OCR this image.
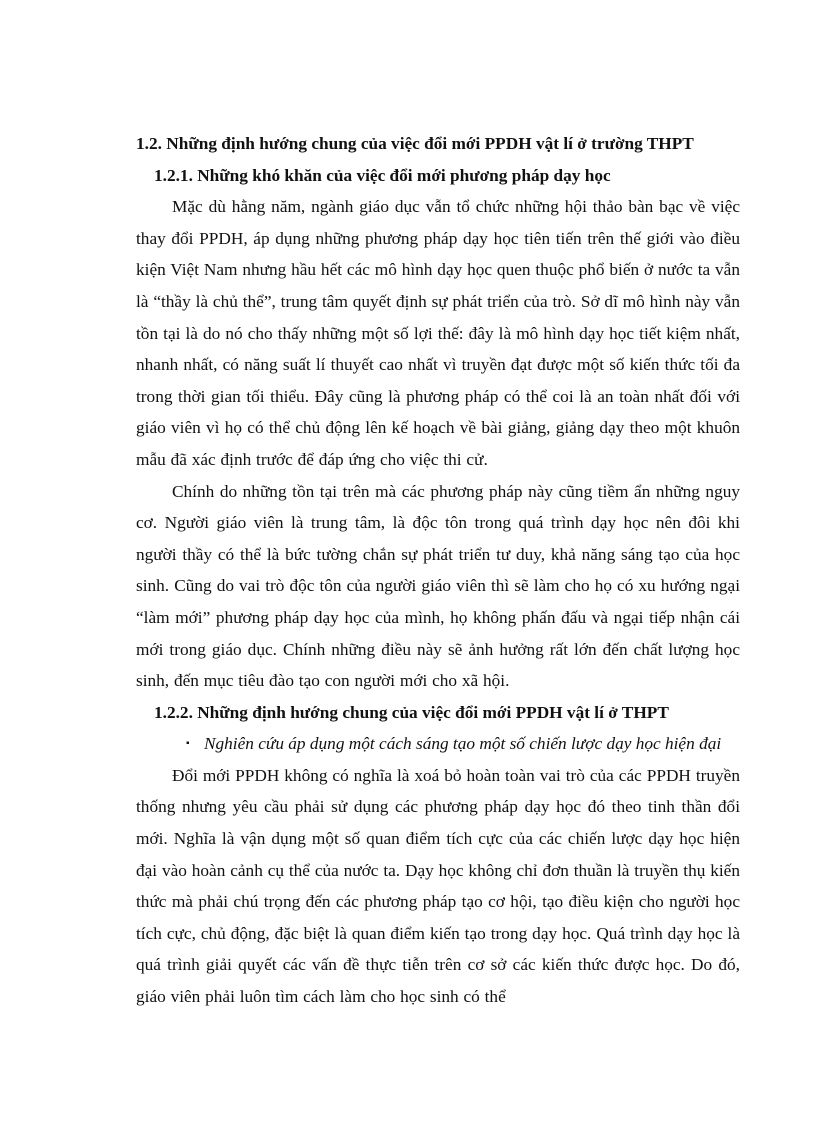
1.2. Những định hướng chung của việc đổi mới PPDH vật lí ở trường THPT
1.2.1. Những khó khăn của việc đổi mới phương pháp dạy học

Mặc dù hằng năm, ngành giáo dục vẫn tổ chức những hội thảo bàn bạc về việc thay đổi PPDH, áp dụng những phương pháp dạy học tiên tiến trên thế giới vào điều kiện Việt Nam nhưng hầu hết các mô hình dạy học quen thuộc phổ biến ở nước ta vẫn là “thầy là chủ thể”, trung tâm quyết định sự phát triển của trò. Sở dĩ mô hình này vẫn tồn tại là do nó cho thấy những một số lợi thế: đây là mô hình dạy học tiết kiệm nhất, nhanh nhất, có năng suất lí thuyết cao nhất vì truyền đạt được một số kiến thức tối đa trong thời gian tối thiểu. Đây cũng là phương pháp có thể coi là an toàn nhất đối với giáo viên vì họ có thể chủ động lên kế hoạch về bài giảng, giảng dạy theo một khuôn mẫu đã xác định trước để đáp ứng cho việc thi cử.

Chính do những tồn tại trên mà các phương pháp này cũng tiềm ẩn những nguy cơ. Người giáo viên là trung tâm, là độc tôn trong quá trình dạy học nên đôi khi người thầy có thể là bức tường chắn sự phát triển tư duy, khả năng sáng tạo của học sinh. Cũng do vai trò độc tôn của người giáo viên thì sẽ làm cho họ có xu hướng ngại “làm mới” phương pháp dạy học của mình, họ không phấn đấu và ngại tiếp nhận cái mới trong giáo dục. Chính những điều này sẽ ảnh hưởng rất lớn đến chất lượng học sinh, đến mục tiêu đào tạo con người mới cho xã hội.

1.2.2. Những định hướng chung của việc đổi mới PPDH vật lí ở THPT
▪ Nghiên cứu áp dụng một cách sáng tạo một số chiến lược dạy học hiện đại

Đổi mới PPDH không có nghĩa là xoá bỏ hoàn toàn vai trò của các PPDH truyền thống nhưng yêu cầu phải sử dụng các phương pháp dạy học đó theo tinh thần đổi mới. Nghĩa là vận dụng một số quan điểm tích cực của các chiến lược dạy học hiện đại vào hoàn cảnh cụ thể của nước ta. Dạy học không chỉ đơn thuần là truyền thụ kiến thức mà phải chú trọng đến các phương pháp tạo cơ hội, tạo điều kiện cho người học tích cực, chủ động, đặc biệt là quan điểm kiến tạo trong dạy học. Quá trình dạy học là quá trình giải quyết các vấn đề thực tiễn trên cơ sở các kiến thức được học. Do đó, giáo viên phải luôn tìm cách làm cho học sinh có thể
